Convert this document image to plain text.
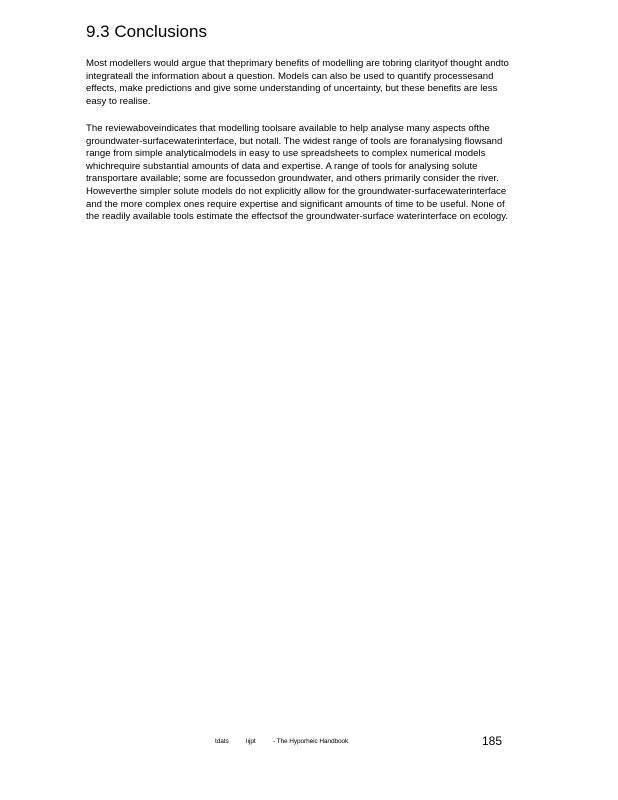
9.3 Conclusions

Most modellers would argue that theprimary benefits of modelling are tobring clarityof thought andto integrateall the information about a question. Models can also be used to quantify processesand effects, make predictions and give some understanding of uncertainty, but these benefits are less easy to realise.

The reviewaboveindicates that modelling toolsare available to help analyse many aspects ofthe groundwater-surfacewaterinterface, but notall. The widest range of tools are foranalysing flowsand range from simple analyticalmodels in easy to use spreadsheets to complex numerical models whichrequire substantial amounts of data and expertise. A range of tools for analysing solute transportare available; some are focussedon groundwater, and others primarily consider the river. Howeverthe simpler solute models do not explicitly allow for the groundwater-surfacewaterinterface and the more complex ones require expertise and significant amounts of time to be useful. None of the readily available tools estimate the effectsof the groundwater-surface waterinterface on ecology.

tdats	lıjpt	- The Hyporheic Handbook	185
